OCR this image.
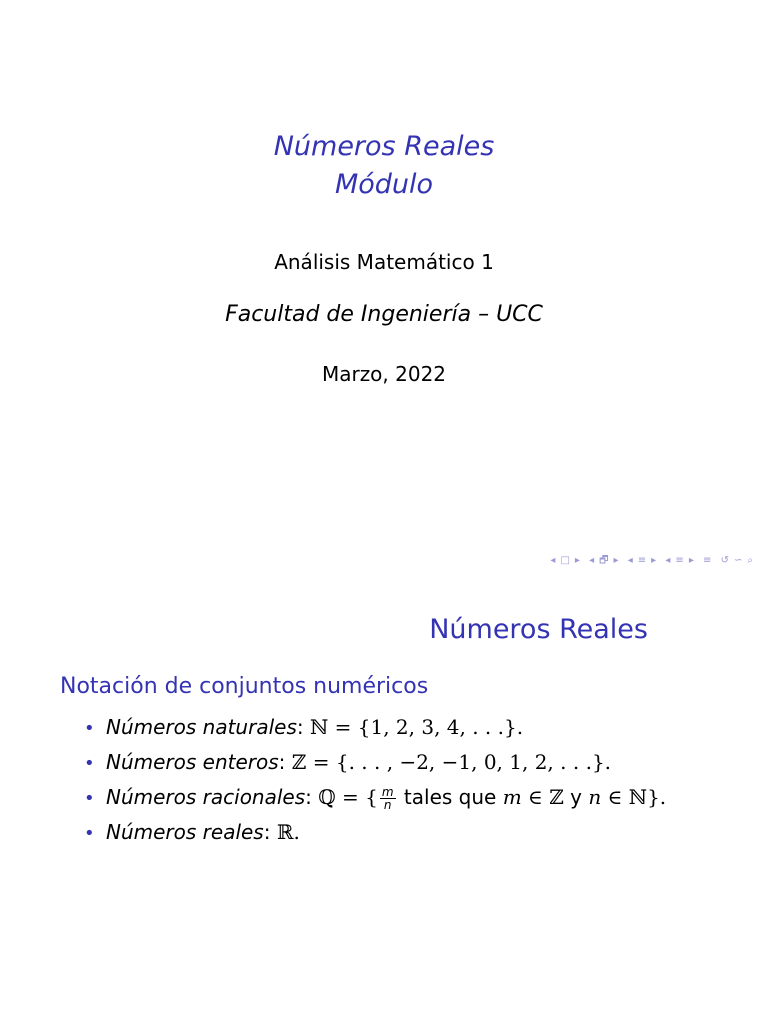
Números Reales
Módulo
Análisis Matemático 1
Facultad de Ingeniería – UCC
Marzo, 2022
◂ □ ▸ ◂ 🗗 ▸ ◂ ≡ ▸ ◂ ≡ ▸ ≡ ↺ ∽ ⌕
Números Reales
Notación de conjuntos numéricos
• Números naturales: ℕ = {1, 2, 3, 4, . . .}.
• Números enteros: ℤ = {. . . , −2, −1, 0, 1, 2, . . .}.
• Números racionales: ℚ = { $\frac{m}{n}$ tales que m ∈ ℤ y n ∈ ℕ}.
• Números reales: ℝ.
